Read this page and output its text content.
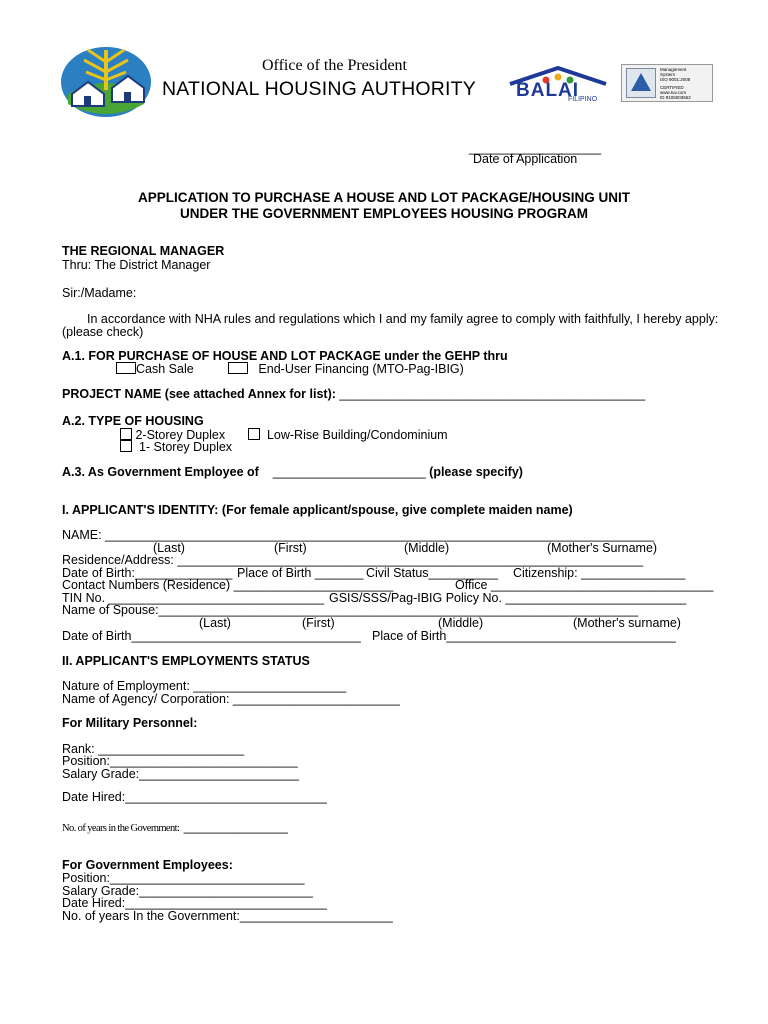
Office of the President
NATIONAL HOUSING AUTHORITY BALAI
FILIPINO
Management
System
ISO 9001:2008
CERTIFIED
www.tuv.com
ID 9105003652
___________________
Date of Application
APPLICATION TO PURCHASE A HOUSE AND LOT PACKAGE/HOUSING UNIT
UNDER THE GOVERNMENT EMPLOYEES HOUSING PROGRAM
THE REGIONAL MANAGER
Thru: The District Manager
Sir:/Madame:
In accordance with NHA rules and regulations which I and my family agree to comply with faithfully, I hereby apply:
(please check)
A.1. FOR PURCHASE OF HOUSE AND LOT PACKAGE under the GEHP thru
Cash Sale	End-User Financing (MTO-Pag-IBIG)
PROJECT NAME (see attached Annex for list): ____________________________________________
A.2. TYPE OF HOUSING
2-Storey Duplex	Low-Rise Building/Condominium
1- Storey Duplex
A.3. As Government Employee of ______________________ (please specify)
I. APPLICANT'S IDENTITY: (For female applicant/spouse, give complete maiden name)
NAME: _______________________________________________________________________________
(Last)	(First)	(Middle)	(Mother's Surname)
Residence/Address: ___________________________________________________________________
Date of Birth:______________ Place of Birth _______ Civil Status__________ Citizenship: _______________
Contact Numbers (Residence) _______________________	Office ________________________________
TIN No. _______________________________ GSIS/SSS/Pag-IBIG Policy No. __________________________
Name of Spouse:_____________________________________________________________________
(Last)	(First)	(Middle)	(Mother's surname)
Date of Birth_________________________________ Place of Birth_________________________________
II. APPLICANT'S EMPLOYMENTS STATUS
Nature of Employment: ______________________
Name of Agency/ Corporation: ________________________
For Military Personnel:
Rank: _____________________
Position:___________________________
Salary Grade:_______________________
Date Hired:_____________________________
No. of years in the Government: _______________
For Government Employees:
Position:____________________________
Salary Grade:_________________________
Date Hired:_____________________________
No. of years In the Government:______________________
